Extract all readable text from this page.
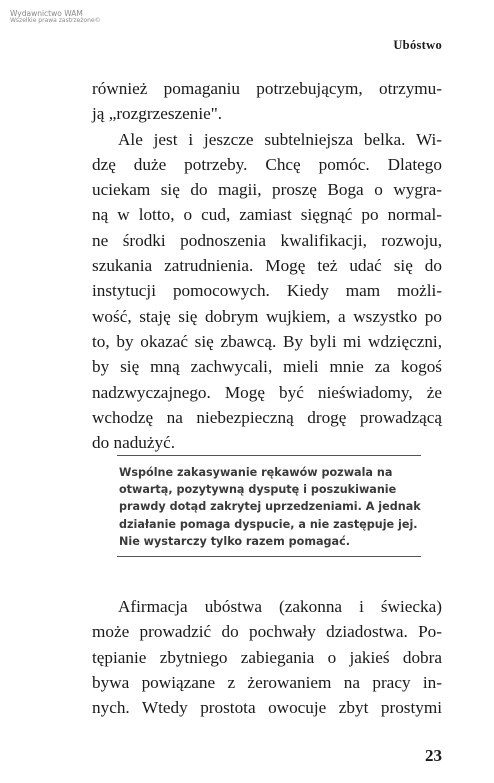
Wydawnictwo WAM
Wszelkie prawa zastrzeżone©
Ubóstwo
również pomaganiu potrzebującym, otrzymu-
ją „rozgrzeszenie".
Ale jest i jeszcze subtelniejsza belka. Wi-
dzę duże potrzeby. Chcę pomóc. Dlatego
uciekam się do magii, proszę Boga o wygra-
ną w lotto, o cud, zamiast sięgnąć po normal-
ne środki podnoszenia kwalifikacji, rozwoju,
szukania zatrudnienia. Mogę też udać się do
instytucji pomocowych. Kiedy mam możli-
wość, staję się dobrym wujkiem, a wszystko po
to, by okazać się zbawcą. By byli mi wdzięczni,
by się mną zachwycali, mieli mnie za kogoś
nadzwyczajnego. Mogę być nieświadomy, że
wchodzę na niebezpieczną drogę prowadzącą
do nadużyć.
Wspólne zakasywanie rękawów pozwala na
otwartą, pozytywną dysputę i poszukiwanie
prawdy dotąd zakrytej uprzedzeniami. A jednak
działanie pomaga dyspucie, a nie zastępuje jej.
Nie wystarczy tylko razem pomagać.
Afirmacja ubóstwa (zakonna i świecka)
może prowadzić do pochwały dziadostwa. Po-
tępianie zbytniego zabiegania o jakieś dobra
bywa powiązane z żerowaniem na pracy in-
nych. Wtedy prostota owocuje zbyt prostymi
23
